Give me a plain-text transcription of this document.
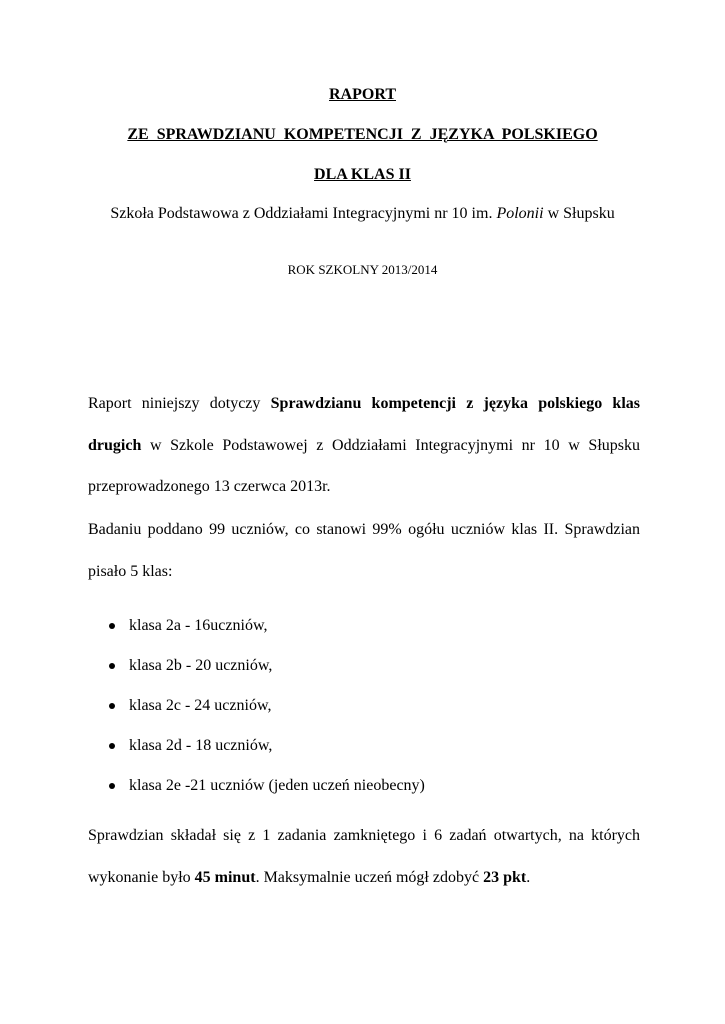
RAPORT
ZE SPRAWDZIANU KOMPETENCJI Z JĘZYKA POLSKIEGO
DLA KLAS II
Szkoła Podstawowa z Oddziałami Integracyjnymi nr 10 im. Polonii w Słupsku
ROK SZKOLNY 2013/2014

Raport niniejszy dotyczy Sprawdzianu kompetencji z języka polskiego klas drugich w Szkole Podstawowej z Oddziałami Integracyjnymi nr 10 w Słupsku przeprowadzonego 13 czerwca 2013r.

Badaniu poddano 99 uczniów, co stanowi 99% ogółu uczniów klas II. Sprawdzian pisało 5 klas:

klasa 2a - 16uczniów,
klasa 2b - 20 uczniów,
klasa 2c - 24 uczniów,
klasa 2d - 18 uczniów,
klasa 2e -21 uczniów (jeden uczeń nieobecny)

Sprawdzian składał się z 1 zadania zamkniętego i 6 zadań otwartych, na których wykonanie było 45 minut. Maksymalnie uczeń mógł zdobyć 23 pkt.
